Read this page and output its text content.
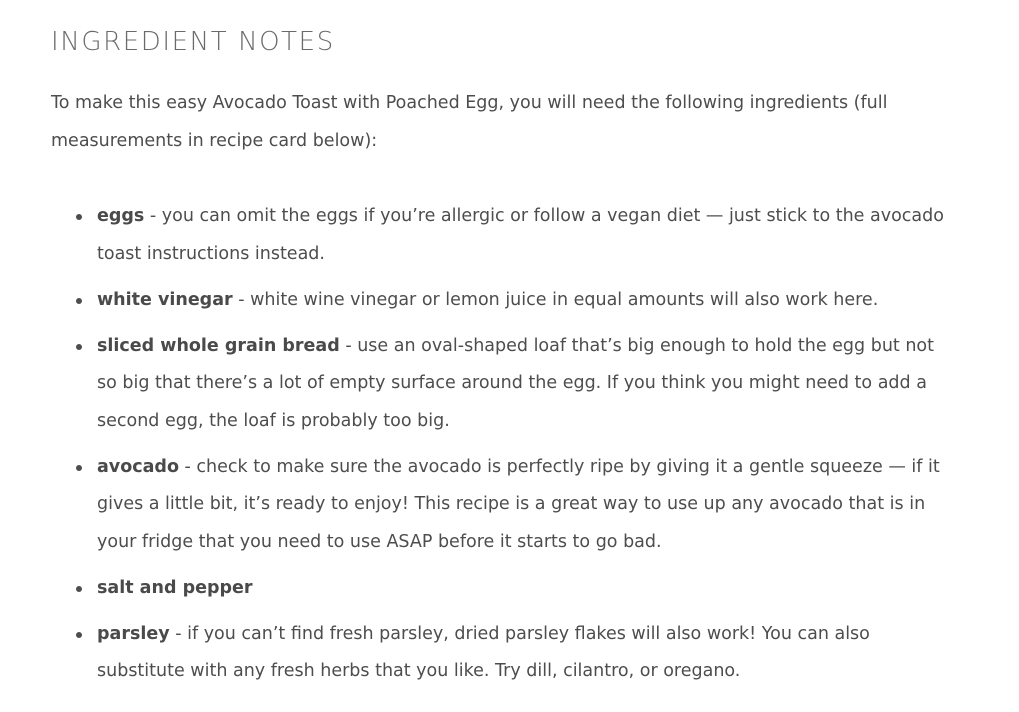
INGREDIENT NOTES

To make this easy Avocado Toast with Poached Egg, you will need the following ingredients (full measurements in recipe card below):

eggs - you can omit the eggs if you’re allergic or follow a vegan diet — just stick to the avocado toast instructions instead.
white vinegar - white wine vinegar or lemon juice in equal amounts will also work here.
sliced whole grain bread - use an oval-shaped loaf that’s big enough to hold the egg but not so big that there’s a lot of empty surface around the egg. If you think you might need to add a second egg, the loaf is probably too big.
avocado - check to make sure the avocado is perfectly ripe by giving it a gentle squeeze — if it gives a little bit, it’s ready to enjoy! This recipe is a great way to use up any avocado that is in your fridge that you need to use ASAP before it starts to go bad.
salt and pepper
parsley - if you can’t find fresh parsley, dried parsley flakes will also work! You can also substitute with any fresh herbs that you like. Try dill, cilantro, or oregano.
